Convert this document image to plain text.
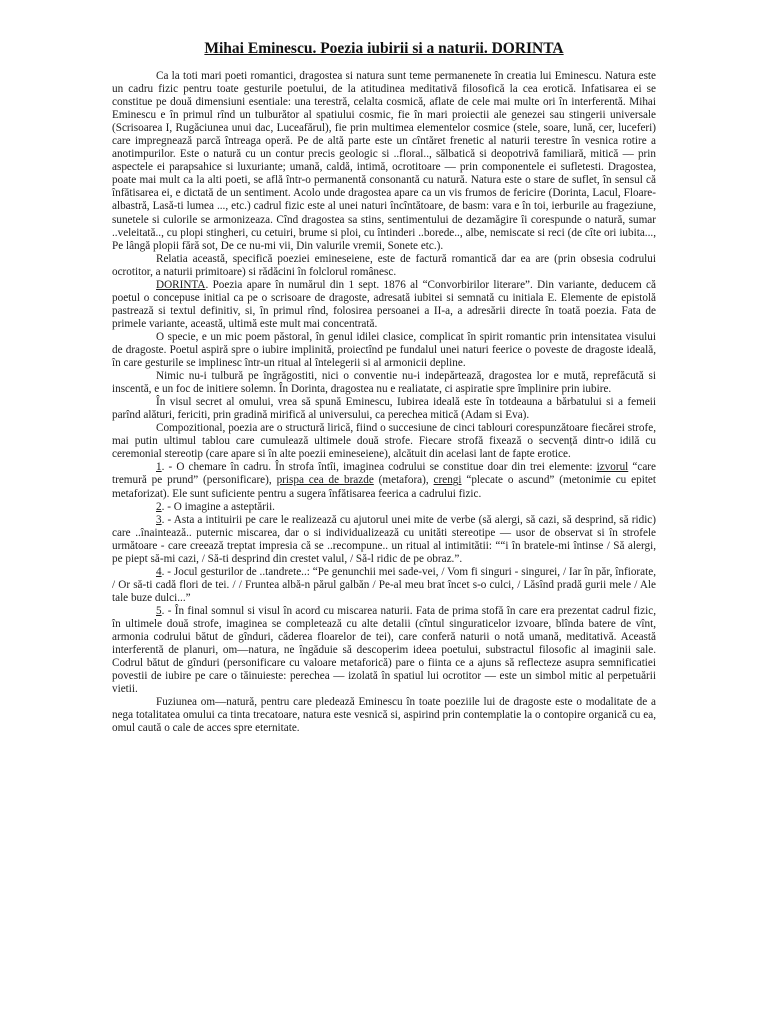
Mihai Eminescu. Poezia iubirii si a naturii. DORINTA

Ca la toti mari poeti romantici, dragostea si natura sunt teme permanenete în creatia lui Eminescu. Natura este un cadru fizic pentru toate gesturile poetului, de la atitudinea meditativă filosofică la cea erotică. Infatisarea ei se constitue pe două dimensiuni esentiale: una terestră, celalta cosmică, aflate de cele mai multe ori în interferentă. Mihai Eminescu e în primul rînd un tulburător al spatiului cosmic, fie în mari proiectii ale genezei sau stingerii universale (Scrisoarea I, Rugăciunea unui dac, Luceafărul), fie prin multimea elementelor cosmice (stele, soare, lună, cer, luceferi) care impregnează parcă întreaga operă. Pe de altă parte este un cîntăret frenetic al naturii terestre în vesnica rotire a anotimpurilor. Este o natură cu un contur precis geologic si ..floral.., sălbatică si deopotrivă familiară, mitică — prin aspectele ei parapsahice si luxuriante; umană, caldă, intimă, ocrotitoare — prin componentele ei sufletesti. Dragostea, poate mai mult ca la alti poeti, se află într-o permanentă consonantă cu natură. Natura este o stare de suflet, în sensul că înfătisarea ei, e dictată de un sentiment. Acolo unde dragostea apare ca un vis frumos de fericire (Dorinta, Lacul, Floare-albastră, Lasă-ti lumea ..., etc.) cadrul fizic este al unei naturi încîntătoare, de basm: vara e în toi, ierburile au frageziune, sunetele si culorile se armonizeaza. Cînd dragostea sa stins, sentimentului de dezamăgire îi corespunde o natură, sumar ..veleitată.., cu plopi stingheri, cu cetuiri, brume si ploi, cu întinderi ..borede.., albe, nemiscate si reci (de cîte ori iubita..., Pe lângă plopii fără sot, De ce nu-mi vii, Din valurile vremii, Sonete etc.).

Relatia această, specifică poeziei emineseiene, este de factură romantică dar ea are (prin obsesia codrului ocrotitor, a naturii primitoare) si rădăcini în folclorul românesc.

DORINTA. Poezia apare în numărul din 1 sept. 1876 al “Convorbirilor literare”. Din variante, deducem că poetul o concepuse initial ca pe o scrisoare de dragoste, adresată iubitei si semnată cu initiala E. Elemente de epistolă pastrează si textul definitiv, si, în primul rînd, folosirea persoanei a II-a, a adresării directe în toată poezia. Fata de primele variante, această, ultimă este mult mai concentrată.

O specie, e un mic poem păstoral, în genul idilei clasice, complicat în spirit romantic prin intensitatea visului de dragoste. Poetul aspiră spre o iubire implinită, proiectînd pe fundalul unei naturi feerice o poveste de dragoste ideală, în care gesturile se implinesc într-un ritual al întelegerii si al armonicii depline.

Nimic nu-i tulbură pe îngrăgostiti, nici o conventie nu-i indepărtează, dragostea lor e mută, reprefăcută si inscentă, e un foc de initiere solemn. În Dorinta, dragostea nu e realiatate, ci aspiratie spre împlinire prin iubire.

În visul secret al omului, vrea să spună Eminescu, Iubirea ideală este în totdeauna a bărbatului si a femeii parînd alături, fericiti, prin gradină mirifică al universului, ca perechea mitică (Adam si Eva).

Compozitional, poezia are o structură lirică, fiind o succesiune de cinci tablouri corespunzătoare fiecărei strofe, mai putin ultimul tablou care cumulează ultimele două strofe. Fiecare strofă fixează o secvență dintr-o idilă cu ceremonial stereotip (care apare si în alte poezii emineseiene), alcătuit din acelasi lant de fapte erotice.

1. - O chemare în cadru. În strofa întîi, imaginea codrului se constitue doar din trei elemente: izvorul “care tremură pe prund” (personificare), prispa cea de brazde (metafora), crengi “plecate o ascund” (metonimie cu epitet metaforizat). Ele sunt suficiente pentru a sugera înfătisarea feerica a cadrului fizic.

2. - O imagine a asteptării.

3. - Asta a intituirii pe care le realizează cu ajutorul unei mite de verbe (să alergi, să cazi, să desprind, să ridic) care ..înaintează.. puternic miscarea, dar o si individualizează cu unităti stereotipe — usor de observat si în strofele următoare - care creează treptat impresia că se ..recompune.. un ritual al intimitătii: ““i în bratele-mi întinse / Să alergi, pe piept să-mi cazi, / Să-ti desprind din crestet valul, / Să-l ridic de pe obraz.”.

4. - Jocul gesturilor de ..tandrete..: “Pe genunchii mei sade-vei, / Vom fi singuri - singurei, / Iar în păr, înfiorate, / Or să-ti cadă flori de tei. / / Fruntea albă-n părul galbăn / Pe-al meu brat încet s-o culci, / Lăsînd pradă gurii mele / Ale tale buze dulci...”

5. - În final somnul si visul în acord cu miscarea naturii. Fata de prima stofă în care era prezentat cadrul fizic, în ultimele două strofe, imaginea se completează cu alte detalii (cîntul singuraticelor izvoare, blînda batere de vînt, armonia codrului bătut de gînduri, căderea floarelor de tei), care conferă naturii o notă umană, meditativă. Această interferentă de planuri, om—natura, ne îngăduie să descoperim ideea poetului, substractul filosofic al imaginii sale. Codrul bătut de gînduri (personificare cu valoare metaforică) pare o fiinta ce a ajuns să reflecteze asupra semnificatiei povestii de iubire pe care o tăinuieste: perechea — izolată în spatiul lui ocrotitor — este un simbol mitic al perpetuării vietii.

Fuziunea om—natură, pentru care pledează Eminescu în toate poeziile lui de dragoste este o modalitate de a nega totalitatea omului ca tinta trecatoare, natura este vesnică si, aspirind prin contemplatie la o contopire organică cu ea, omul caută o cale de acces spre eternitate.
